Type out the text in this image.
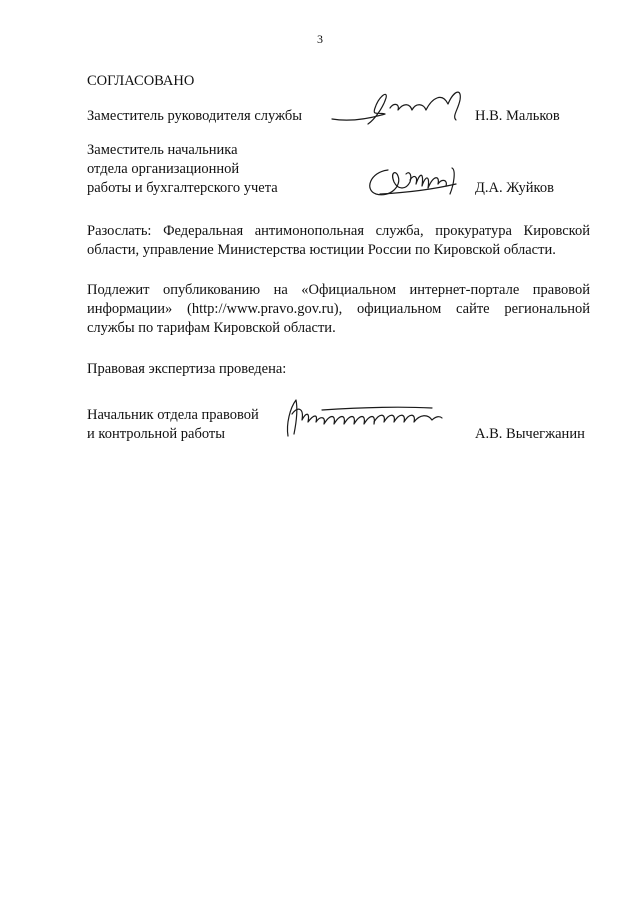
3
СОГЛАСОВАНО
Заместитель руководителя службы	Н.В. Мальков
Заместитель начальника
отдела организационной
работы и бухгалтерского учета	Д.А. Жуйков
Разослать: Федеральная антимонопольная служба, прокуратура Кировской
области, управление Министерства юстиции России по Кировской области.
Подлежит опубликованию на «Официальном интернет-портале правовой
информации» (http://www.pravo.gov.ru), официальном сайте региональной
службы по тарифам Кировской области.
Правовая экспертиза проведена:
Начальник отдела правовой
и контрольной работы	А.В. Вычегжанин
